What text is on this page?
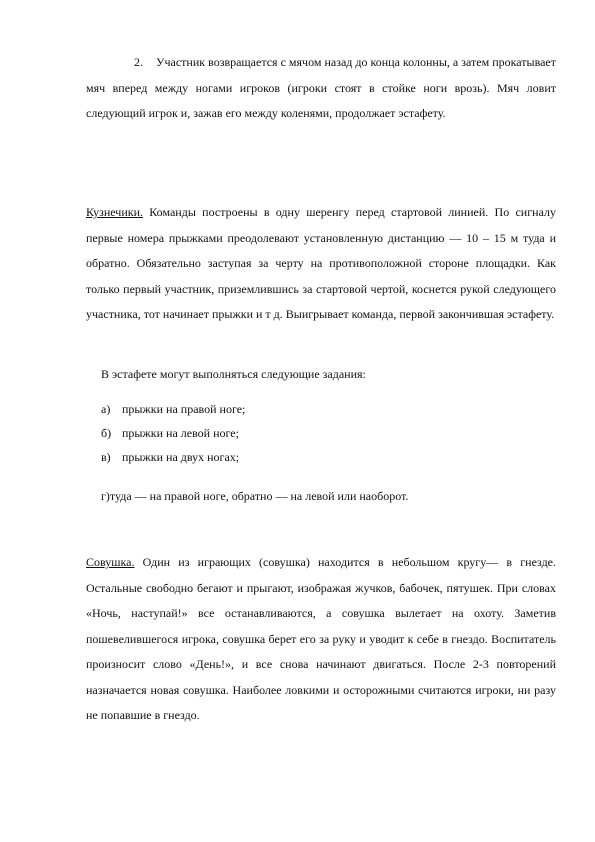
2. Участник возвращается с мячом назад до конца колонны, а затем прокатывает мяч вперед между ногами игроков (игроки стоят в стойке ноги врозь). Мяч ловит следующий игрок и, зажав его между коленями, продолжает эстафету.

Кузнечики. Команды построены в одну шеренгу перед стартовой линией. По сигналу первые номера прыжками преодолевают установленную дистанцию — 10 – 15 м туда и обратно. Обязательно заступая за черту на противоположной стороне площадки. Как только первый участник, приземлившись за стартовой чертой, коснется рукой следующего участника, тот начинает прыжки и т д. Выигрывает команда, первой закончившая эстафету.

В эстафете могут выполняться следующие задания:

а) прыжки на правой ноге;
б) прыжки на левой ноге;
в) прыжки на двух ногах;

г)туда — на правой ноге, обратно — на левой или наоборот.

Совушка. Один из играющих (совушка) находится в небольшом кругу— в гнезде. Остальные свободно бегают и прыгают, изображая жучков, бабочек, пятушек. При словах «Ночь, наступай!» все останавливаются, а совушка вылетает на охоту. Заметив пошевелившегося игрока, совушка берет его за руку и уводит к себе в гнездо. Воспитатель произносит слово «День!», и все снова начинают двигаться. После 2-3 повторений назначается новая совушка. Наиболее ловкими и осторожными считаются игроки, ни разу не попавшие в гнездо.
